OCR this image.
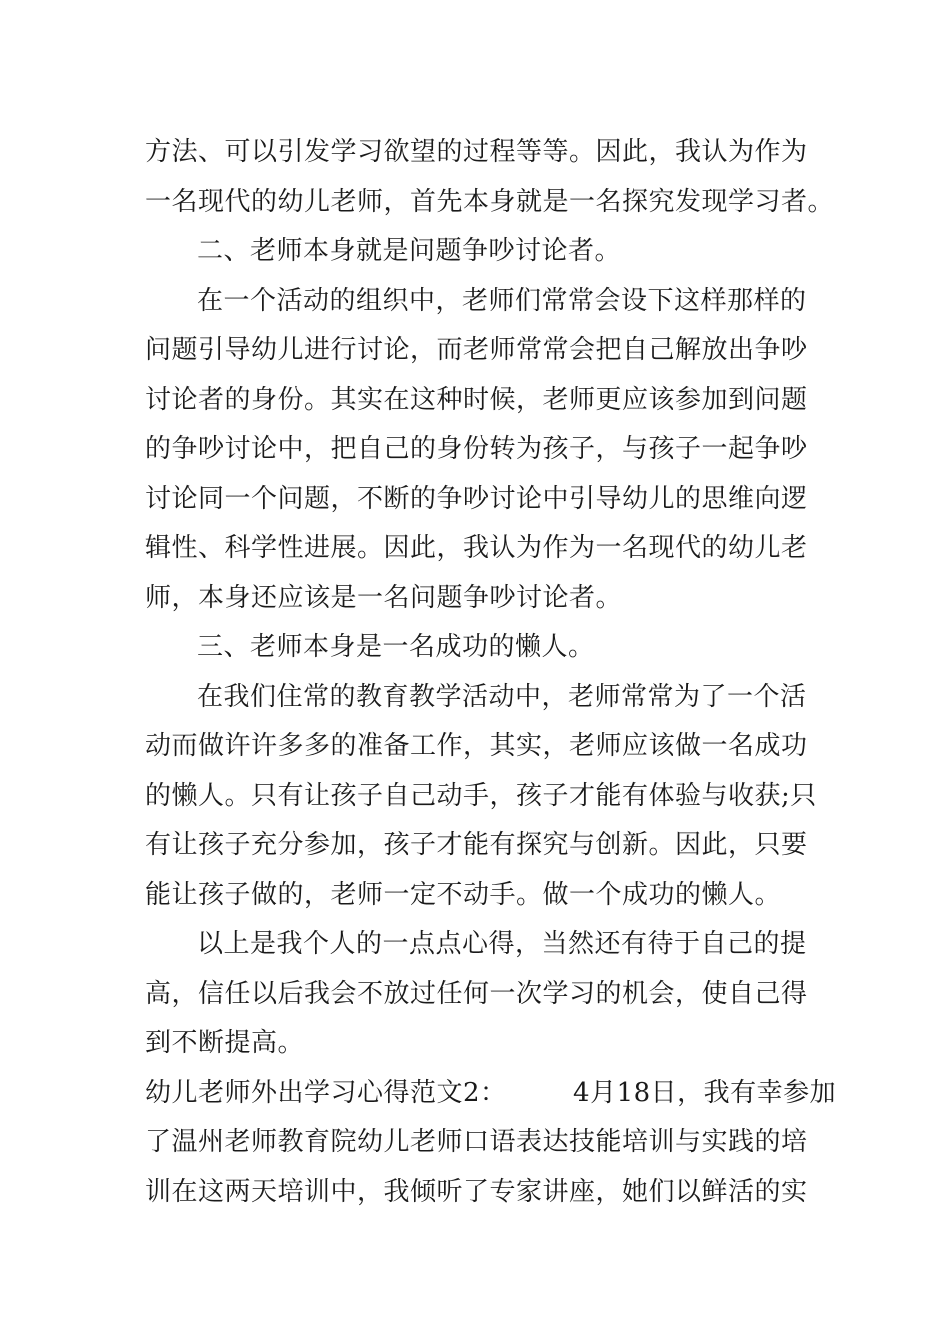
方法、可以引发学习欲望的过程等等。因此，我认为作为
一名现代的幼儿老师，首先本身就是一名探究发现学习者。
二、老师本身就是问题争吵讨论者。
在一个活动的组织中，老师们常常会设下这样那样的
问题引导幼儿进行讨论，而老师常常会把自己解放出争吵
讨论者的身份。其实在这种时候，老师更应该参加到问题
的争吵讨论中，把自己的身份转为孩子，与孩子一起争吵
讨论同一个问题，不断的争吵讨论中引导幼儿的思维向逻
辑性、科学性进展。因此，我认为作为一名现代的幼儿老
师，本身还应该是一名问题争吵讨论者。
三、老师本身是一名成功的懒人。
在我们住常的教育教学活动中，老师常常为了一个活
动而做许许多多的准备工作，其实，老师应该做一名成功
的懒人。只有让孩子自己动手，孩子才能有体验与收获;只
有让孩子充分参加，孩子才能有探究与创新。因此，只要
能让孩子做的，老师一定不动手。做一个成功的懒人。
以上是我个人的一点点心得，当然还有待于自己的提
高，信任以后我会不放过任何一次学习的机会，使自己得
到不断提高。
幼儿老师外出学习心得范文2：　　　4月18日，我有幸参加
了温州老师教育院幼儿老师口语表达技能培训与实践的培
训在这两天培训中，我倾听了专家讲座，她们以鲜活的实
